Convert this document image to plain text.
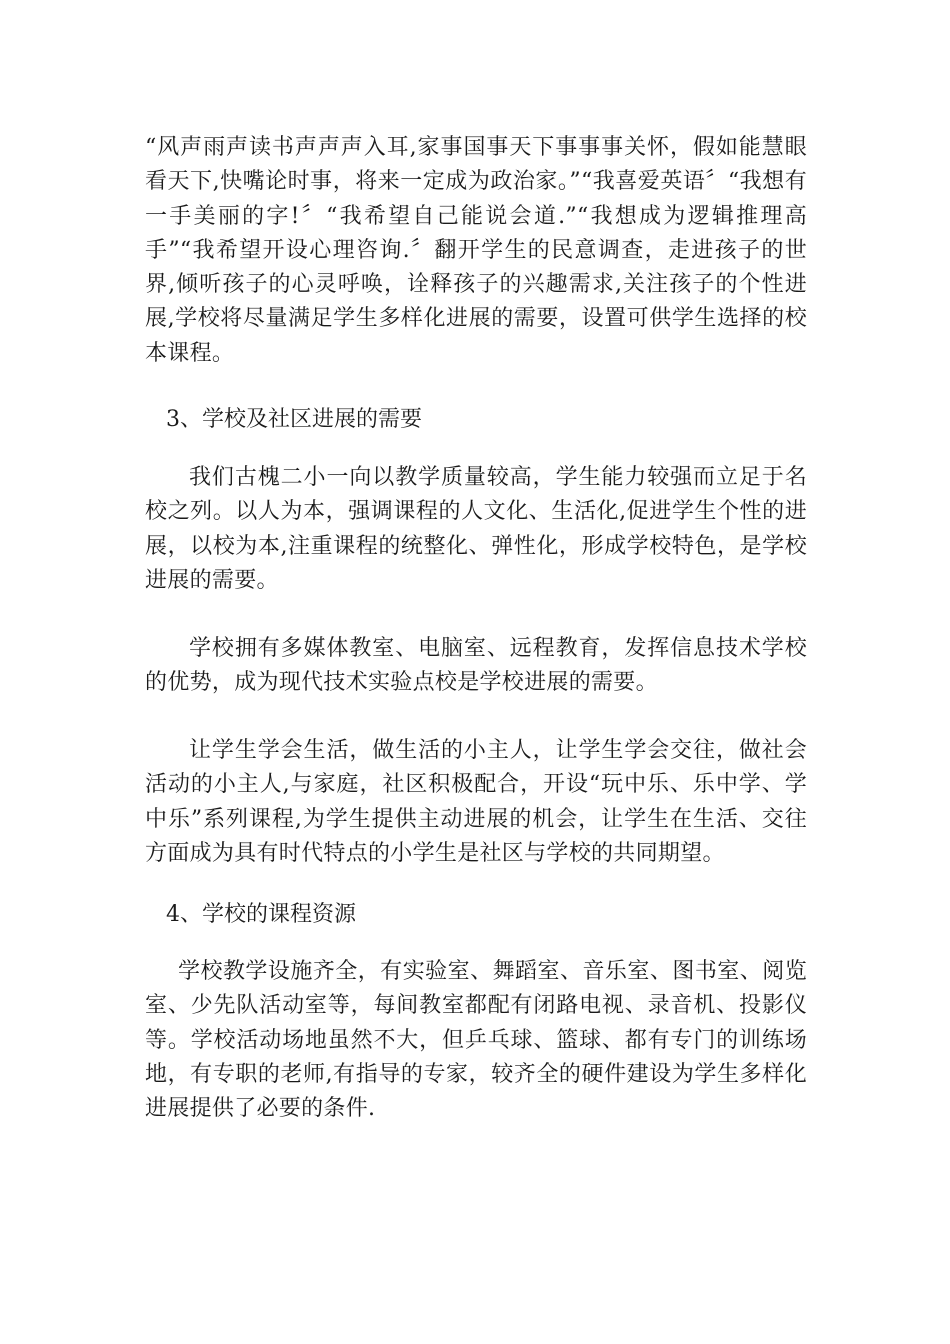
“风声雨声读书声声声入耳,家事国事天下事事事关怀，假如能慧眼看天下,快嘴论时事，将来一定成为政治家。”“我喜爱英语〞“我想有一手美丽的字!〞“我希望自己能说会道.”“我想成为逻辑推理高手”“我希望开设心理咨询.〞翻开学生的民意调查，走进孩子的世界,倾听孩子的心灵呼唤，诠释孩子的兴趣需求,关注孩子的个性进展,学校将尽量满足学生多样化进展的需要，设置可供学生选择的校本课程。

3、学校及社区进展的需要

我们古槐二小一向以教学质量较高，学生能力较强而立足于名校之列。以人为本，强调课程的人文化、生活化,促进学生个性的进展，以校为本,注重课程的统整化、弹性化，形成学校特色，是学校进展的需要。

学校拥有多媒体教室、电脑室、远程教育，发挥信息技术学校的优势，成为现代技术实验点校是学校进展的需要。

让学生学会生活，做生活的小主人，让学生学会交往，做社会活动的小主人,与家庭，社区积极配合，开设“玩中乐、乐中学、学中乐”系列课程,为学生提供主动进展的机会，让学生在生活、交往方面成为具有时代特点的小学生是社区与学校的共同期望。

4、学校的课程资源

学校教学设施齐全，有实验室、舞蹈室、音乐室、图书室、阅览室、少先队活动室等，每间教室都配有闭路电视、录音机、投影仪等。学校活动场地虽然不大，但乒乓球、篮球、都有专门的训练场地，有专职的老师,有指导的专家，较齐全的硬件建设为学生多样化进展提供了必要的条件.
